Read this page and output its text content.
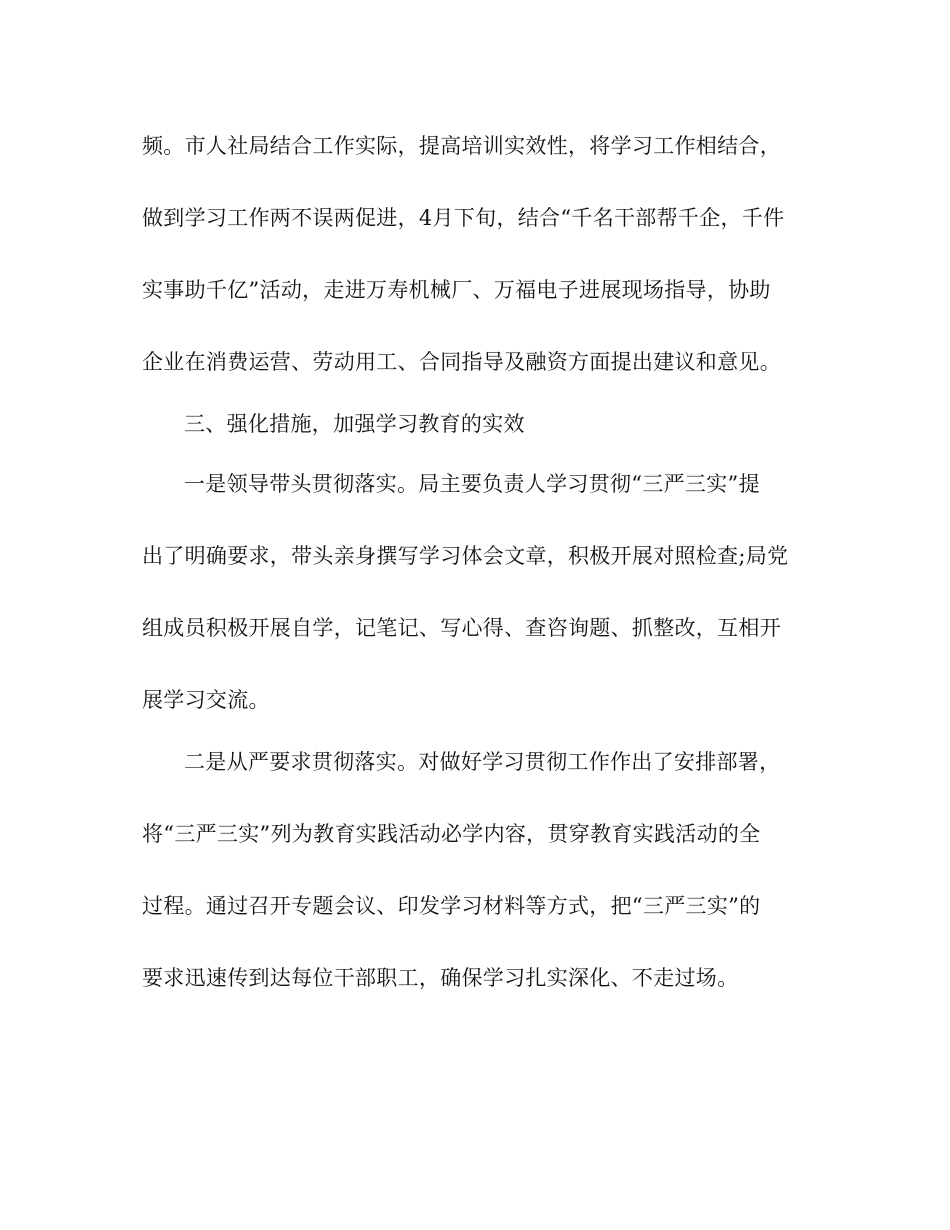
频。市人社局结合工作实际，提高培训实效性，将学习工作相结合，
做到学习工作两不误两促进，4月下旬，结合“千名干部帮千企，千件
实事助千亿”活动，走进万寿机械厂、万福电子进展现场指导，协助
企业在消费运营、劳动用工、合同指导及融资方面提出建议和意见。
三、强化措施，加强学习教育的实效
一是领导带头贯彻落实。局主要负责人学习贯彻“三严三实”提
出了明确要求，带头亲身撰写学习体会文章，积极开展对照检查;局党
组成员积极开展自学，记笔记、写心得、查咨询题、抓整改，互相开
展学习交流。
二是从严要求贯彻落实。对做好学习贯彻工作作出了安排部署，
将“三严三实”列为教育实践活动必学内容，贯穿教育实践活动的全
过程。通过召开专题会议、印发学习材料等方式，把“三严三实”的
要求迅速传到达每位干部职工，确保学习扎实深化、不走过场。
